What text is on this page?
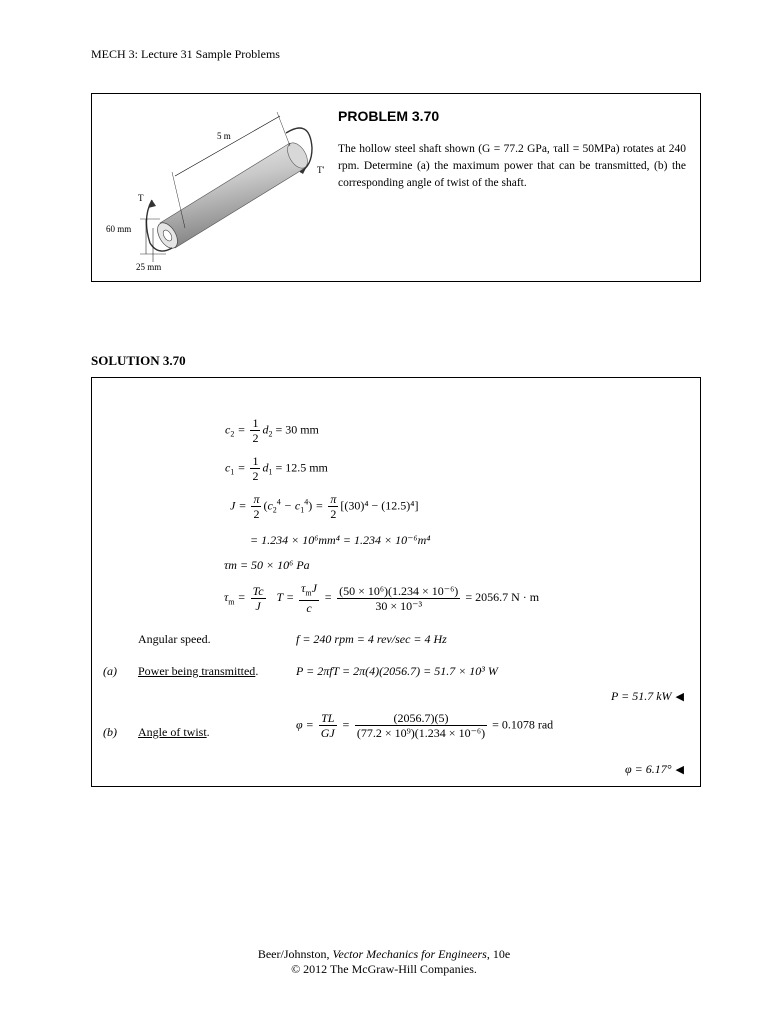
MECH 3: Lecture 31 Sample Problems
5 m
T'
T
60 mm
25 mm
PROBLEM 3.70
The hollow steel shaft shown (G = 77.2 GPa, τall = 50MPa) rotates at 240 rpm. Determine (a) the maximum power that can be transmitted, (b) the corresponding angle of twist of the shaft.
SOLUTION 3.70
$c_2 = \frac{1}{2} d_2 = 30$ mm
$c_1 = \frac{1}{2} d_1 = 12.5$ mm
$J = \frac{\pi}{2} (c_2^4 - c_1^4) = \frac{\pi}{2} [(30)^4 - (12.5)^4]$
= 1.234 × 10⁶mm⁴ = 1.234 × 10⁻⁶m⁴
τm = 50 × 10⁶ Pa
$\tau_m = \frac{Tc}{J}$ $T = \frac{\tau_mJ}{c} = \frac{\text{(50 × 10⁶)(1.234 × 10⁻⁶)}}{\text{30 × 10⁻³}} = 2056.7$ N · m
Angular speed.	f = 240 rpm = 4 rev/sec = 4 Hz
(a) Power being transmitted.	P = 2πfT = 2π(4)(2056.7) = 51.7 × 10³ W
P = 51.7 kW ◀
(b) Angle of twist.
$\varphi = \frac{TL}{GJ} = \frac{(2056.7)(5)}{\text{(77.2 × 10⁹)(1.234 × 10⁻⁶)}} = 0.1078$ rad
φ = 6.17° ◀
Beer/Johnston, Vector Mechanics for Engineers, 10e
© 2012 The McGraw-Hill Companies.
